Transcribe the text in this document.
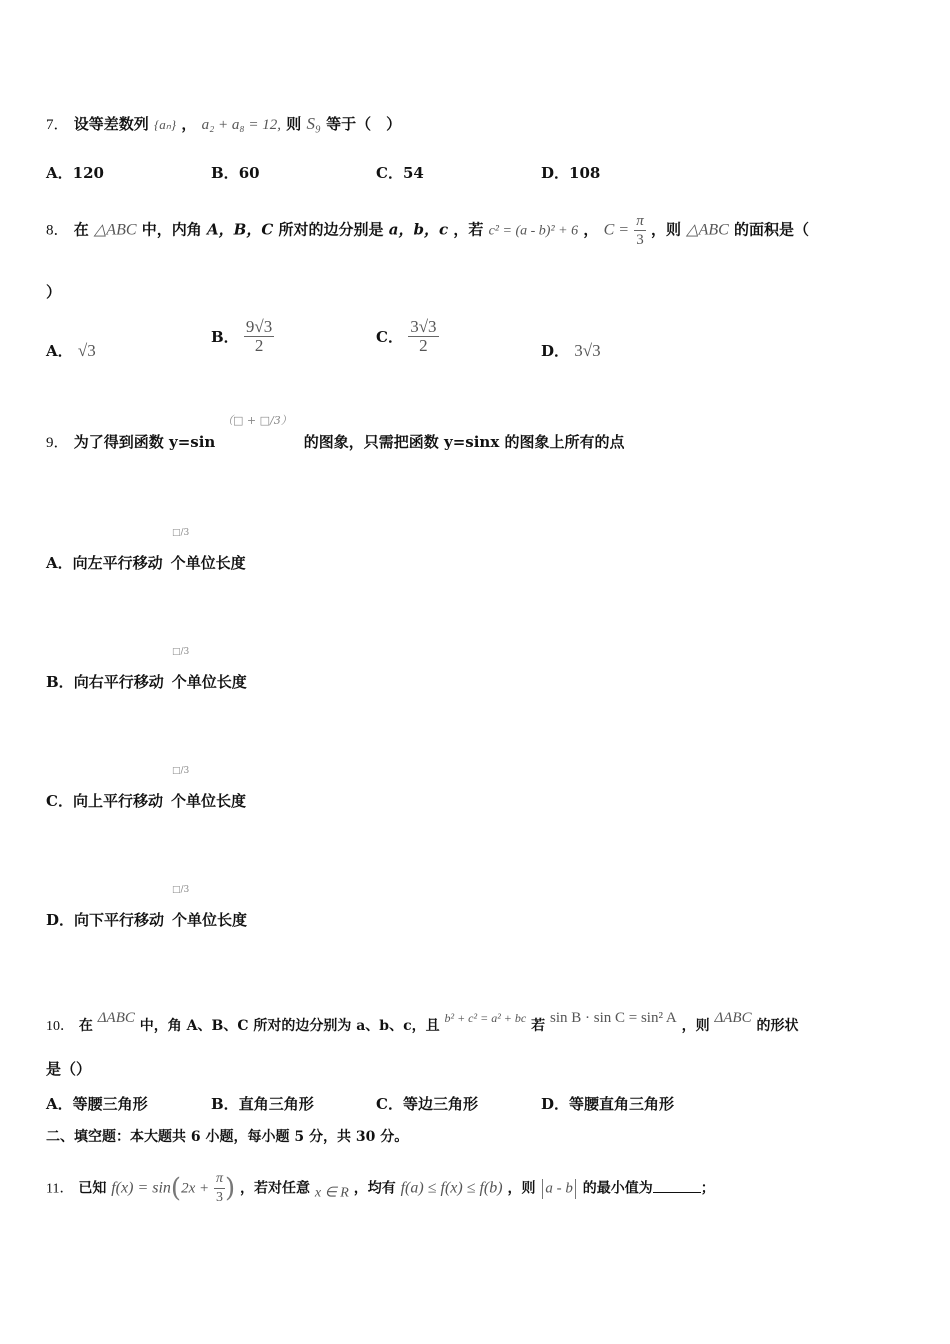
7． 设等差数列 {aₙ} ， a₂ + a₈ = 12, 则 S₉ 等于（　）
A．120	B．60	C．54	D．108
8． 在 △ABC 中，内角 A，B，C 所对的边分别是 a，b，c ，若 c² = (a - b)² + 6 ， $C = \frac{\pi}{3}$ ，则 △ABC 的面积是（
）
A． √3
B． $\frac{9√3}{2}$	C． $\frac{3√3}{2}$	D． 3√3
（□ + □/3）
9． 为了得到函数 y=sin	的图象，只需把函数 y=sinx 的图象上所有的点
□/3
A．向左平行移动 个单位长度
□/3
B．向右平行移动 个单位长度
□/3
C．向上平行移动 个单位长度
□/3
D．向下平行移动 个单位长度
10． 在 ΔABC 中，角 A、B、C 所对的边分别为 a、b、c，且 b² + c² = a² + bc 若 sin B · sin C = sin² A ，则 ΔABC 的形状
是（）
A．等腰三角形	B．直角三角形	C．等边三角形	D．等腰直角三角形
二、填空题：本大题共 6 小题，每小题 5 分，共 30 分。
11． 已知 $f(x) = \sin(2x + \frac{\pi}{3}$ ) ，若对任意 x ∈ R ，均有 f(a) ≤ f(x) ≤ f(b) ，则 a - b 的最小值为	；
